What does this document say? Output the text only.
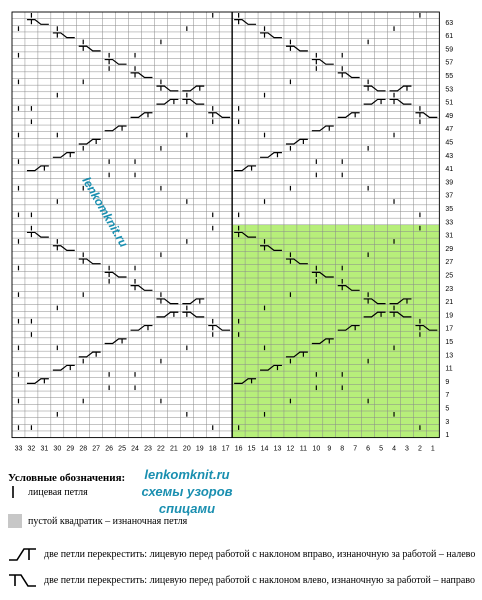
1
3
5
7
9
11
13
15
17
19
21
23
25
27
29
31
33
35
37
39
41
43
45
47
49
51
53
55
57
59
61
63
33 32 31 30 29 28 27 26 25 24 23 22 21 20 19 18 17 16 15 14 13 12 11 10 9 8 7 6 5 4 3 2 1
lenkomknit.ru
Условные обозначения:	lenkomknit.ru
схемы узоров
спицами
лицевая петля
пустой квадратик – изнаночная петля
две петли перекрестить: лицевую перед работой с наклоном вправо, изнаночную за работой – налево
две петли перекрестить: лицевую перед работой с наклоном влево, изнаночную за работой – направо
